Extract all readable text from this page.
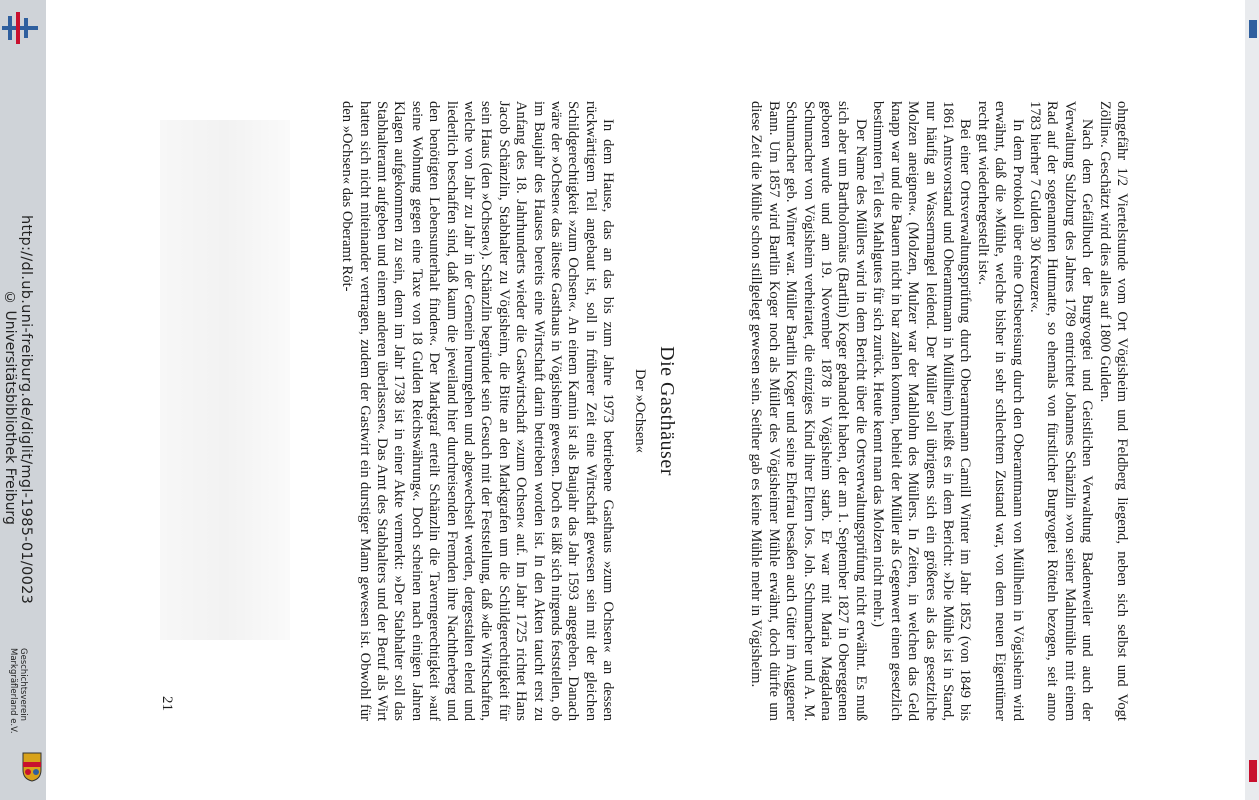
http://dl.ub.uni-freiburg.de/diglit/mgl-1985-01/0023
© Universitätsbibliothek Freiburg
Geschichtsverein
Markgräflerland e.V.	ohngefähr 1/2 Viertelstunde vom Ort Vögisheim und Feldberg liegend, neben sich selbst und Vogt Zöllin«. Geschätzt wird dies alles auf 1800 Gulden.

Nach dem Gefällbuch der Burgvogtei und Geistlichen Verwaltung Badenweiler und auch der Verwaltung Sulzburg des Jahres 1789 entrichtet Johannes Schänzlin »von seiner Mahlmühle mit einem Rad auf der sogenannten Hutmatte, so ehemals von fürstlicher Burgvogtei Rötteln bezogen, seit anno 1783 hierher 7 Gulden 30 Kreuzer«.

In dem Protokoll über eine Ortsbereisung durch den Oberamtmann von Müllheim in Vögisheim wird erwähnt, daß die »Mühle, welche bisher in sehr schlechtem Zustand war, von dem neuen Eigentümer recht gut wiederhergestellt ist«.

Bei einer Ortsverwaltungsprüfung durch Oberamtmann Camill Winter im Jahr 1852 (von 1849 bis 1861 Amtsvorstand und Oberamtmann in Müllheim) heißt es in dem Bericht: »Die Mühle ist in Stand, nur häufig an Wassermangel leidend. Der Müller soll übrigens sich ein größeres als das gesetzliche Molzen aneignen«. (Molzen, Mulzer war der Mahllohn des Müllers. In Zeiten, in welchen das Geld knapp war und die Bauern nicht in bar zahlen konnten, behielt der Müller als Gegenwert einen gesetzlich bestimmten Teil des Mahlgutes für sich zurück. Heute kennt man das Molzen nicht mehr.)

Der Name des Müllers wird in dem Bericht über die Ortsverwaltungsprüfung nicht erwähnt. Es muß sich aber um Bartholomäus (Bartlin) Koger gehandelt haben, der am 1. September 1827 in Obereggenen geboren wurde und am 19. November 1878 in Vögisheim starb. Er war mit Maria Magdalena Schumacher von Vögisheim verheiratet, die einziges Kind ihrer Eltern Jos. Joh. Schumacher und A. M. Schumacher geb. Winter war. Müller Bartlin Koger und seine Ehefrau besaßen auch Güter im Auggener Bann. Um 1857 wird Bartlin Koger noch als Müller des Vögisheimer Mühle erwähnt, doch dürfte um diese Zeit die Mühle schon stillgelegt gewesen sein. Seither gab es keine Mühle mehr in Vögisheim.

Die Gasthäuser
Der »Ochsen«

In dem Hause, das an das bis zum Jahre 1973 betriebene Gasthaus »zum Ochsen« an dessen rückwärtigem Teil angebaut ist, soll in früherer Zeit eine Wirtschaft gewesen sein mit der gleichen Schildgerechtigkeit »zum Ochsen«. An einem Kamin ist als Baujahr das Jahr 1593 angegeben. Danach wäre der »Ochsen« das älteste Gasthaus in Vögisheim gewesen. Doch es läßt sich nirgends feststellen, ob im Baujahr des Hauses bereits eine Wirtschaft darin betrieben worden ist. In den Akten taucht erst zu Anfang des 18. Jahrhunderts wieder die Gastwirtschaft »zum Ochsen« auf. Im Jahr 1725 richtet Hans Jacob Schänzlin, Stabhalter zu Vögisheim, die Bitte an den Markgrafen um die Schildgerechtigkeit für sein Haus (den »Ochsen«). Schänzlin begründet sein Gesuch mit der Feststellung, daß »die Wirtschaften, welche von Jahr zu Jahr in der Gemein herumgehen und abgewechselt werden, dergestalten elend und liederlich beschaffen sind, daß kaum die jeweiland hier durchreisenden Fremden ihre Nachtherberg und den benötigten Lebensunterhalt finden«. Der Markgraf erteilt Schänzlin die Taverngerechtigkeit »auf seine Wohnung gegen eine Taxe von 18 Gulden Reichswährung«. Doch scheinen nach einigen Jahren Klagen aufgekommen zu sein, denn im Jahr 1738 ist in einer Akte vermerkt: »Der Stabhalter soll das Stabhalteramt aufgeben und einem anderen überlassen«. Das Amt des Stabhalters und der Beruf als Wirt hatten sich nicht miteinander vertragen, zudem der Gastwirt ein durstiger Mann gewesen ist. Obwohl für den »Ochsen« das Oberamt Röt-

21
